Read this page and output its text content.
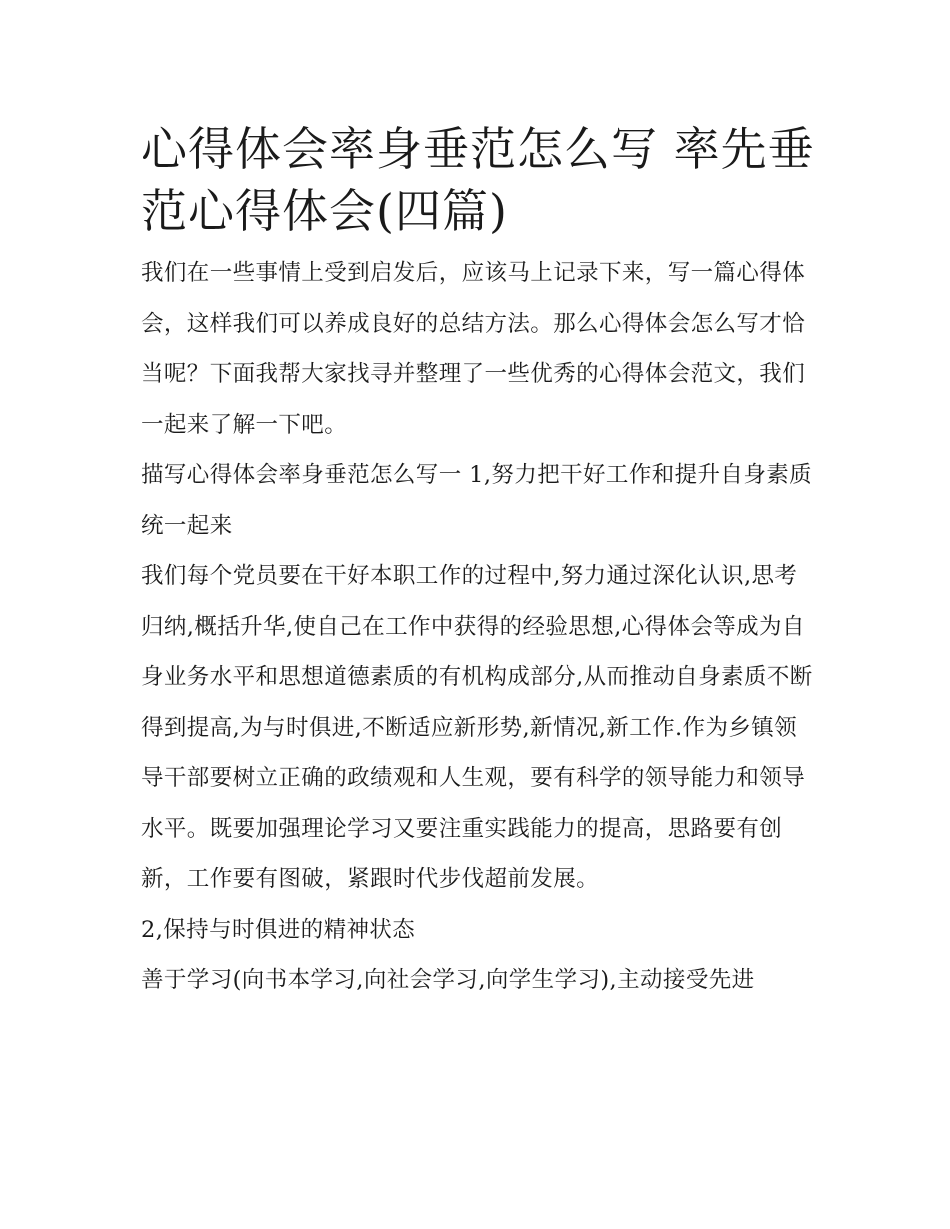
心得体会率身垂范怎么写 率先垂范心得体会(四篇)

我们在一些事情上受到启发后，应该马上记录下来，写一篇心得体会，这样我们可以养成良好的总结方法。那么心得体会怎么写才恰当呢？下面我帮大家找寻并整理了一些优秀的心得体会范文，我们一起来了解一下吧。

描写心得体会率身垂范怎么写一 1,努力把干好工作和提升自身素质统一起来

我们每个党员要在干好本职工作的过程中,努力通过深化认识,思考归纳,概括升华,使自己在工作中获得的经验思想,心得体会等成为自身业务水平和思想道德素质的有机构成部分,从而推动自身素质不断得到提高,为与时俱进,不断适应新形势,新情况,新工作.作为乡镇领导干部要树立正确的政绩观和人生观，要有科学的领导能力和领导水平。既要加强理论学习又要注重实践能力的提高，思路要有创新，工作要有图破，紧跟时代步伐超前发展。

2,保持与时俱进的精神状态

善于学习(向书本学习,向社会学习,向学生学习),主动接受先进
